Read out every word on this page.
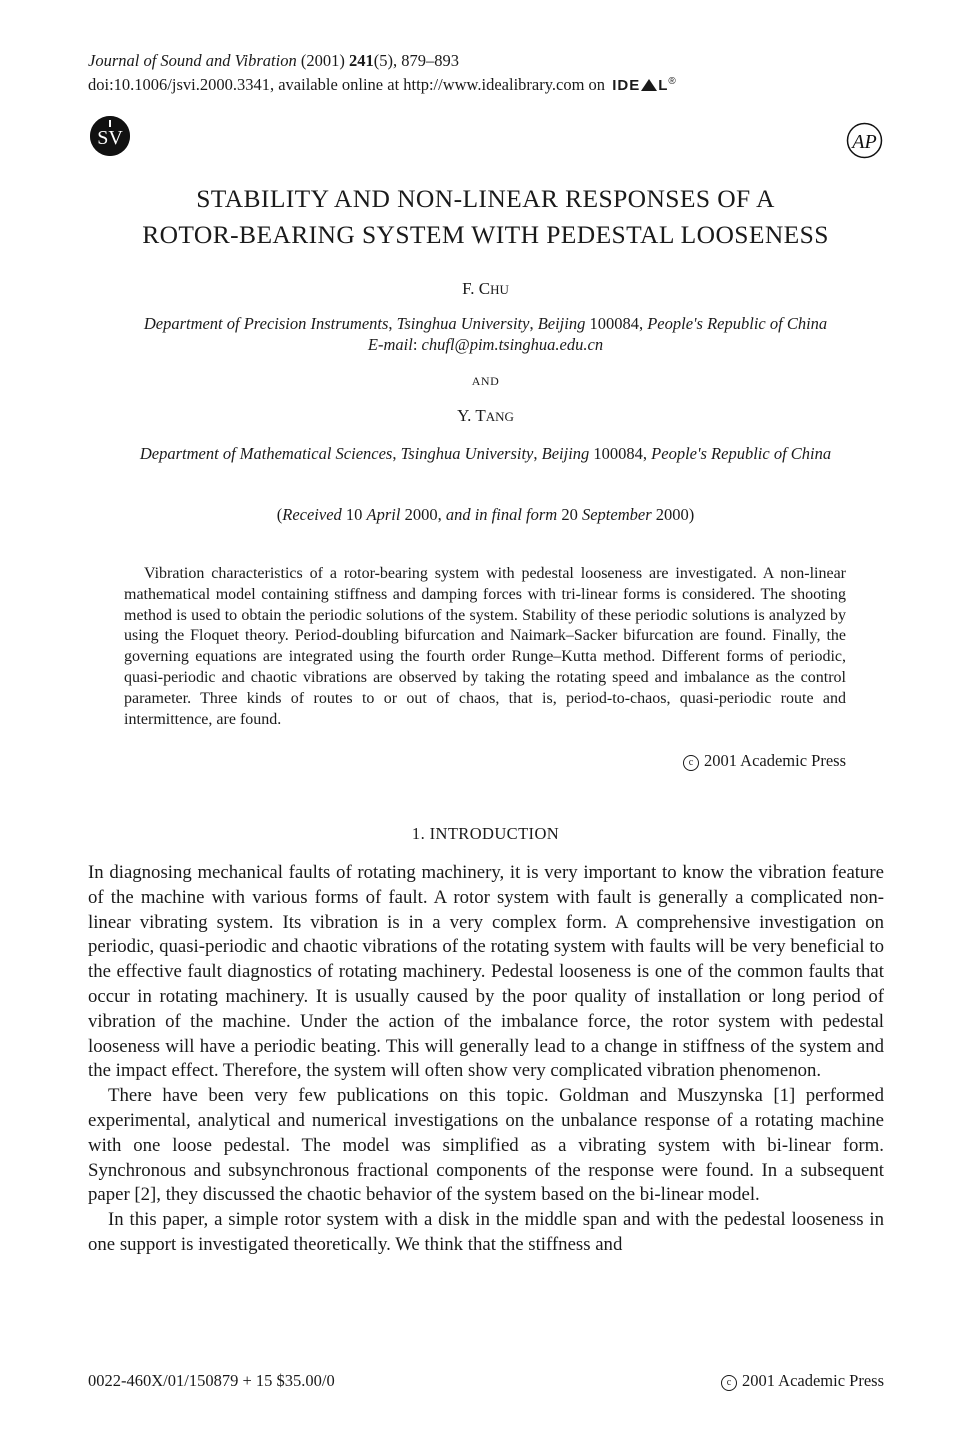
Journal of Sound and Vibration (2001) 241(5), 879–893
doi:10.1006/jsvi.2000.3341, available online at http://www.idealibrary.com on IDE L®
SV	AP
STABILITY AND NON-LINEAR RESPONSES OF A
ROTOR-BEARING SYSTEM WITH PEDESTAL LOOSENESS
F. CHU
Department of Precision Instruments, Tsinghua University, Beijing 100084, People's Republic of China
E-mail: chufl@pim.tsinghua.edu.cn
AND
Y. TANG
Department of Mathematical Sciences, Tsinghua University, Beijing 100084, People's Republic of China
(Received 10 April 2000, and in final form 20 September 2000)
Vibration characteristics of a rotor-bearing system with pedestal looseness are investigated. A non-linear mathematical model containing stiffness and damping forces with tri-linear forms is considered. The shooting method is used to obtain the periodic solutions of the system. Stability of these periodic solutions is analyzed by using the Floquet theory. Period-doubling bifurcation and Naimark–Sacker bifurcation are found. Finally, the governing equations are integrated using the fourth order Runge–Kutta method. Different forms of periodic, quasi-periodic and chaotic vibrations are observed by taking the rotating speed and imbalance as the control parameter. Three kinds of routes to or out of chaos, that is, period-to-chaos, quasi-periodic route and intermittence, are found.
c 2001 Academic Press
1. INTRODUCTION

In diagnosing mechanical faults of rotating machinery, it is very important to know the vibration feature of the machine with various forms of fault. A rotor system with fault is generally a complicated non-linear vibrating system. Its vibration is in a very complex form. A comprehensive investigation on periodic, quasi-periodic and chaotic vibrations of the rotating system with faults will be very beneficial to the effective fault diagnostics of rotating machinery. Pedestal looseness is one of the common faults that occur in rotating machinery. It is usually caused by the poor quality of installation or long period of vibration of the machine. Under the action of the imbalance force, the rotor system with pedestal looseness will have a periodic beating. This will generally lead to a change in stiffness of the system and the impact effect. Therefore, the system will often show very complicated vibration phenomenon.

There have been very few publications on this topic. Goldman and Muszynska [1] performed experimental, analytical and numerical investigations on the unbalance response of a rotating machine with one loose pedestal. The model was simplified as a vibrating system with bi-linear form. Synchronous and subsynchronous fractional components of the response were found. In a subsequent paper [2], they discussed the chaotic behavior of the system based on the bi-linear model.

In this paper, a simple rotor system with a disk in the middle span and with the pedestal looseness in one support is investigated theoretically. We think that the stiffness and

0022-460X/01/150879 + 15 $35.00/0	c 2001 Academic Press
